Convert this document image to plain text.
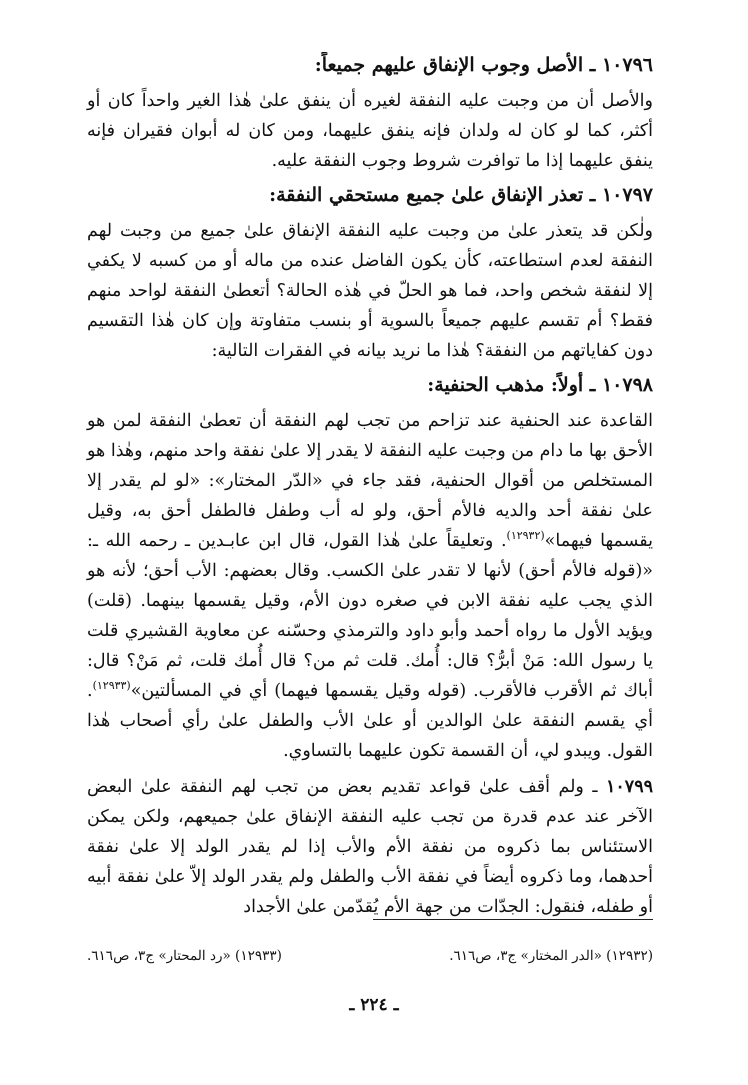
١٠٧٩٦ ـ الأصل وجوب الإنفاق عليهم جميعاً:

والأصل أن من وجبت عليه النفقة لغيره أن ينفق علىٰ هٰذا الغير واحداً كان أو أكثر، كما لو كان له ولدان فإنه ينفق عليهما، ومن كان له أبوان فقيران فإنه ينفق عليهما إذا ما توافرت شروط وجوب النفقة عليه.

١٠٧٩٧ ـ تعذر الإنفاق علىٰ جميع مستحقي النفقة:

ولٰكن قد يتعذر علىٰ من وجبت عليه النفقة الإنفاق علىٰ جميع من وجبت لهم النفقة لعدم استطاعته، كأن يكون الفاضل عنده من ماله أو من كسبه لا يكفي إلا لنفقة شخص واحد، فما هو الحلّ في هٰذه الحالة؟ أتعطىٰ النفقة لواحد منهم فقط؟ أم تقسم عليهم جميعاً بالسوية أو بنسب متفاوتة وإن كان هٰذا التقسيم دون كفاياتهم من النفقة؟ هٰذا ما نريد بيانه في الفقرات التالية:

١٠٧٩٨ ـ أولاً: مذهب الحنفية:

القاعدة عند الحنفية عند تزاحم من تجب لهم النفقة أن تعطىٰ النفقة لمن هو الأحق بها ما دام من وجبت عليه النفقة لا يقدر إلا علىٰ نفقة واحد منهم، وهٰذا هو المستخلص من أقوال الحنفية، فقد جاء في «الدّر المختار»: «لو لم يقدر إلا علىٰ نفقة أحد والديه فالأم أحق، ولو له أب وطفل فالطفل أحق به، وقيل يقسمها فيهما»$^{(١٢٩٣٢)}$. وتعليقاً علىٰ هٰذا القول، قال ابن عابـدين ـ رحمه الله ـ: «(قوله فالأم أحق) لأنها لا تقدر علىٰ الكسب. وقال بعضهم: الأب أحق؛ لأنه هو الذي يجب عليه نفقة الابن في صغره دون الأم، وقيل يقسمها بينهما. (قلت) ويؤيد الأول ما رواه أحمد وأبو داود والترمذي وحسّنه عن معاوية القشيري قلت يا رسول الله: مَنْ أبرُّ؟ قال: أُمك. قلت ثم من؟ قال أُمك قلت، ثم مَنْ؟ قال: أباك ثم الأقرب فالأقرب. (قوله وقيل يقسمها فيهما) أي في المسألتين»$^{(١٢٩٣٣)}$. أي يقسم النفقة علىٰ الوالدين أو علىٰ الأب والطفل علىٰ رأي أصحاب هٰذا القول. ويبدو لي، أن القسمة تكون عليهما بالتساوي.

١٠٧٩٩ ـ ولم أقف علىٰ قواعد تقديم بعض من تجب لهم النفقة علىٰ البعض الآخر عند عدم قدرة من تجب عليه النفقة الإنفاق علىٰ جميعهم، ولكن يمكن الاستئناس بما ذكروه من نفقة الأم والأب إذا لم يقدر الولد إلا علىٰ نفقة أحدهما، وما ذكروه أيضاً في نفقة الأب والطفل ولم يقدر الولد إلاّ علىٰ نفقة أبيه أو طفله، فنقول: الجدّات من جهة الأم يُقدّمن علىٰ الأجداد

(١٢٩٣٢) «الدر المختار» ج٣، ص٦١٦.
(١٢٩٣٣) «رد المحتار» ج٣، ص٦١٦.
ـ ٢٢٤ ـ
